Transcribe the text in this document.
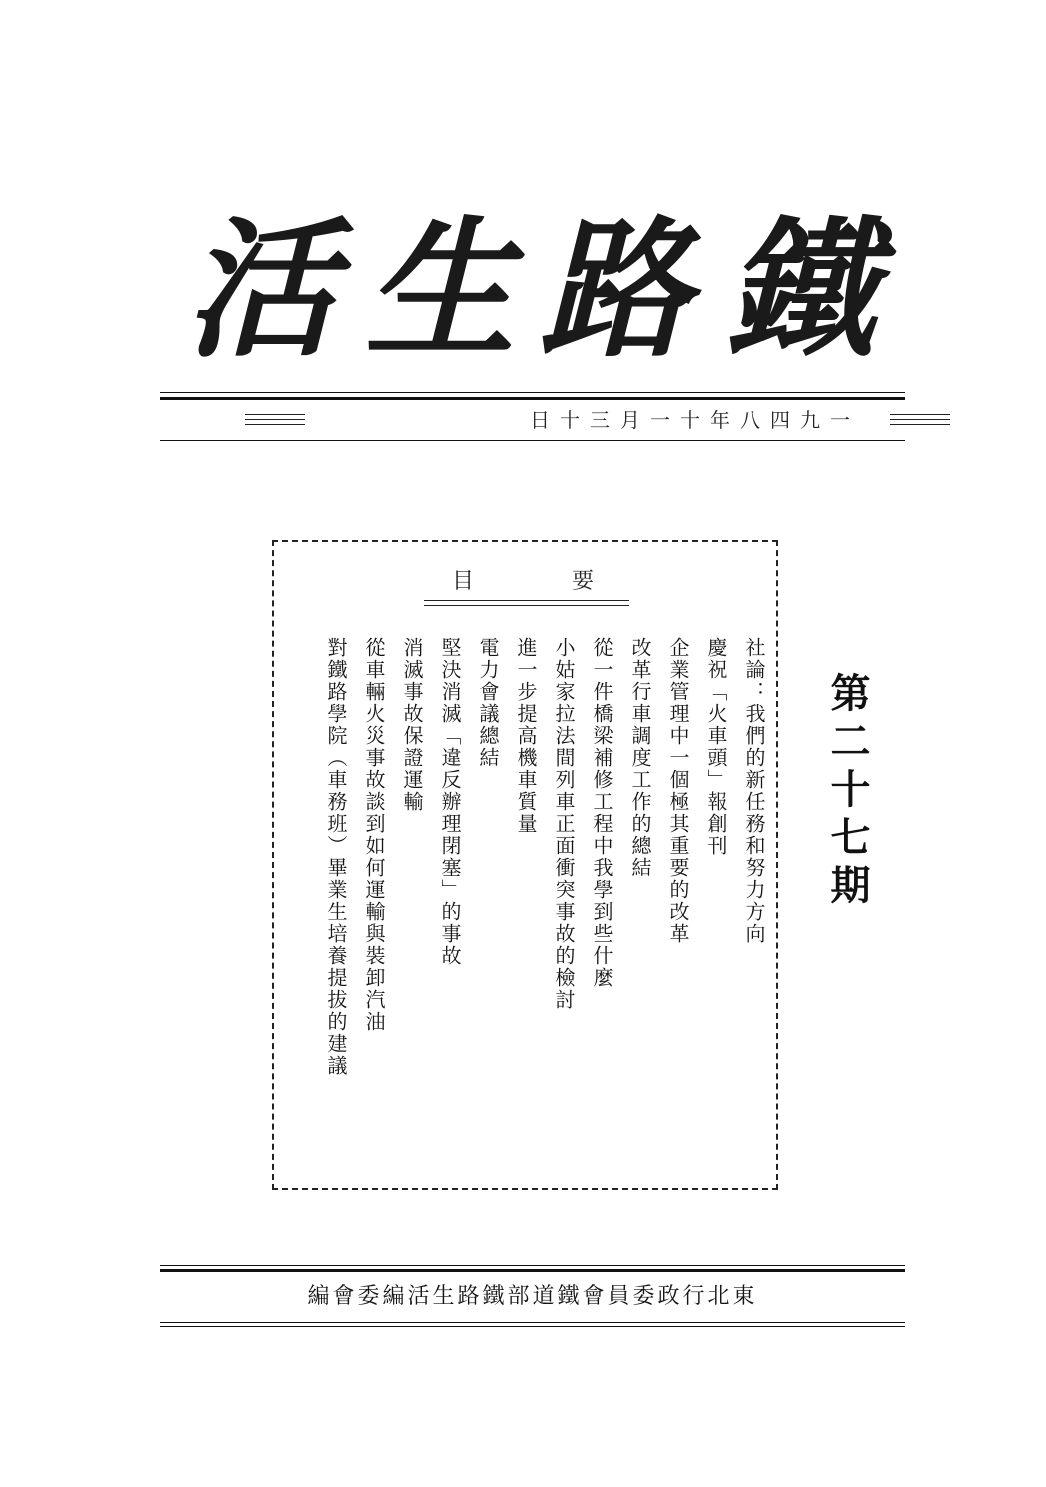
活 生 路 鐵
日十三月一十年八四九一
目	要
社論：我們的新任務和努力方向
慶祝「火車頭」報創刊
企業管理中一個極其重要的改革
改革行車調度工作的總結
從一件橋梁補修工程中我學到些什麼
小姑家拉法間列車正面衝突事故的檢討
進一步提高機車質量
電力會議總結
堅決消滅「違反辦理閉塞」的事故
消滅事故保證運輸
從車輛火災事故談到如何運輸與裝卸汽油
對鐵路學院（車務班）畢業生培養提拔的建議	第二十七期
編會委編活生路鐵部道鐵會員委政行北東
